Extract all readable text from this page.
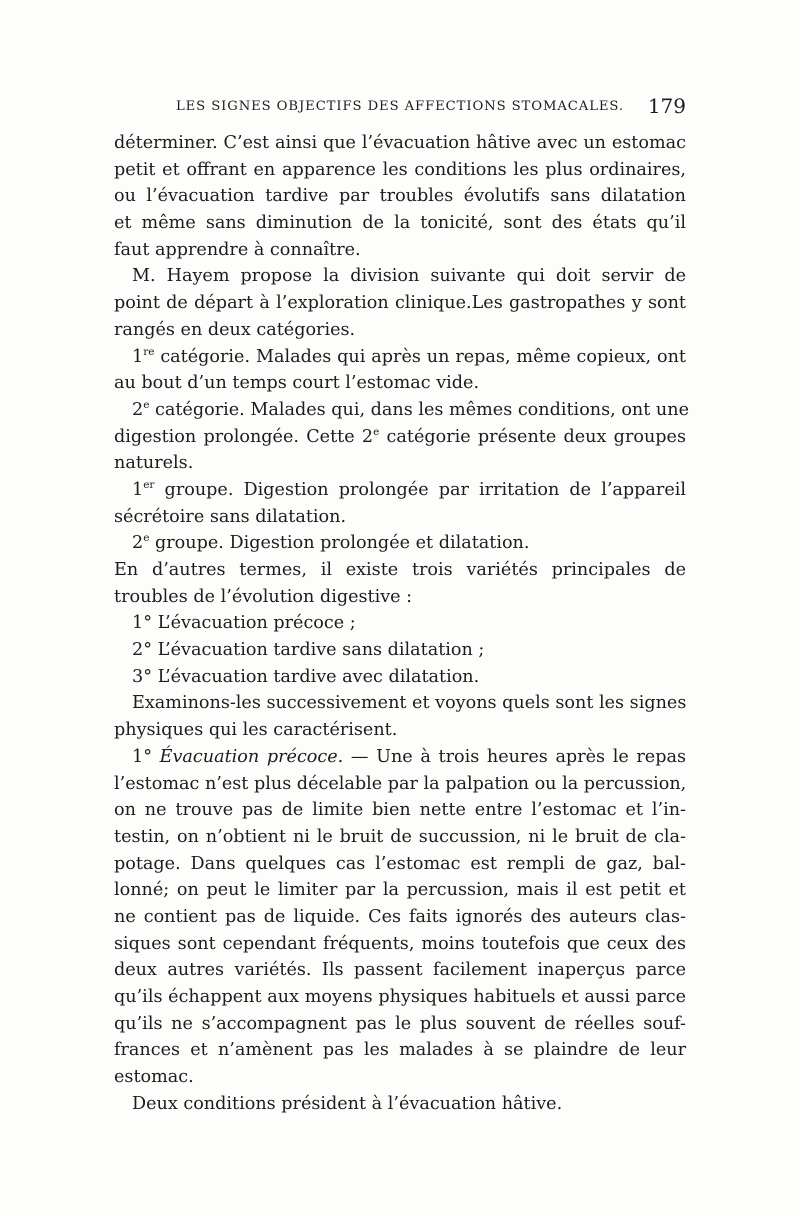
LES SIGNES OBJECTIFS DES AFFECTIONS STOMACALES. 179
déterminer. C’est ainsi que l’évacuation hâtive avec un estomac
petit et offrant en apparence les conditions les plus ordinaires,
ou l’évacuation tardive par troubles évolutifs sans dilatation
et même sans diminution de la tonicité, sont des états qu’il
faut apprendre à connaître.
M. Hayem propose la division suivante qui doit servir de
point de départ à l’exploration clinique.Les gastropathes y sont
rangés en deux catégories.
1re catégorie. Malades qui après un repas, même copieux, ont
au bout d’un temps court l’estomac vide.
2e catégorie. Malades qui, dans les mêmes conditions, ont une
digestion prolongée. Cette 2e catégorie présente deux groupes
naturels.
1er groupe. Digestion prolongée par irritation de l’appareil
sécrétoire sans dilatation.
2e groupe. Digestion prolongée et dilatation.
En d’autres termes, il existe trois variétés principales de
troubles de l’évolution digestive :
1° L’évacuation précoce ;
2° L’évacuation tardive sans dilatation ;
3° L’évacuation tardive avec dilatation.
Examinons-les successivement et voyons quels sont les signes
physiques qui les caractérisent.
1° Évacuation précoce. — Une à trois heures après le repas
l’estomac n’est plus décelable par la palpation ou la percussion,
on ne trouve pas de limite bien nette entre l’estomac et l’in-
testin, on n’obtient ni le bruit de succussion, ni le bruit de cla-
potage. Dans quelques cas l’estomac est rempli de gaz, bal-
lonné; on peut le limiter par la percussion, mais il est petit et
ne contient pas de liquide. Ces faits ignorés des auteurs clas-
siques sont cependant fréquents, moins toutefois que ceux des
deux autres variétés. Ils passent facilement inaperçus parce
qu’ils échappent aux moyens physiques habituels et aussi parce
qu’ils ne s’accompagnent pas le plus souvent de réelles souf-
frances et n’amènent pas les malades à se plaindre de leur
estomac.
Deux conditions président à l’évacuation hâtive.
